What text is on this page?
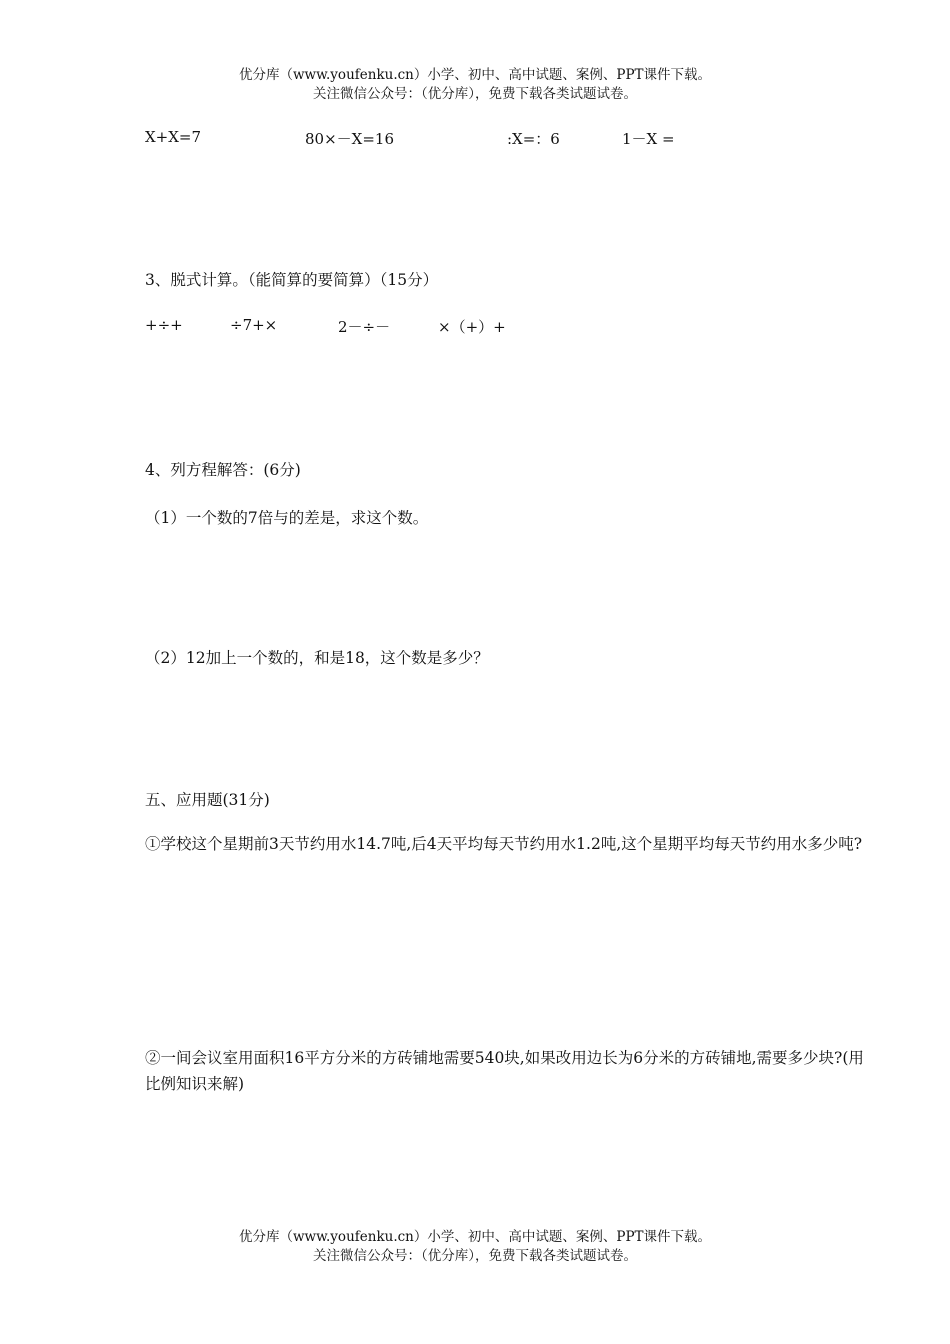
优分库（www.youfenku.cn）小学、初中、高中试题、案例、PPT课件下载。
关注微信公众号：（优分库），免费下载各类试题试卷。
X+X=7	80×－X=16	:X=：6	1－X =
3、脱式计算。（能简算的要简算）（15分）
+÷+	÷7+×	2－÷－	×（+）+
4、列方程解答：(6分)
（1）一个数的7倍与的差是，求这个数。
（2）12加上一个数的，和是18，这个数是多少？
五、应用题(31分)
①学校这个星期前3天节约用水14.7吨,后4天平均每天节约用水1.2吨,这个星期平均每天节约用水多少吨?
②一间会议室用面积16平方分米的方砖铺地需要540块,如果改用边长为6分米的方砖铺地,需要多少块?(用比例知识来解)
优分库（www.youfenku.cn）小学、初中、高中试题、案例、PPT课件下载。
关注微信公众号：（优分库），免费下载各类试题试卷。
